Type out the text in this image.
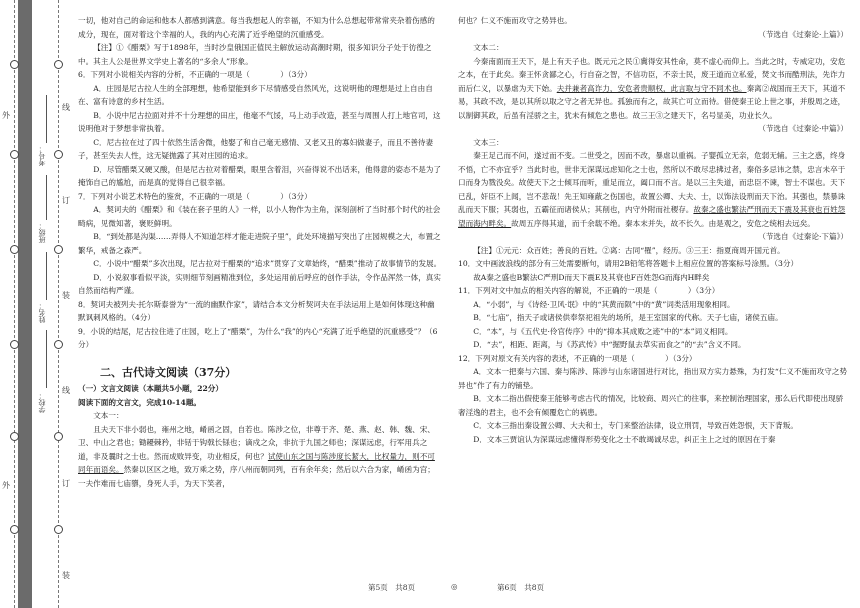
外
外
线
订
装
线
订
装
学校：
姓名：
班级：
考号：

一切，他对自己的命运和他本人都感到满意。每当我想起人的幸福，不知为什么总想起带常常夹杂着伤感的成分，现在，面对着这个幸福的人，我的内心充满了近乎绝望的沉重感受。

【注】①《醋栗》写于1898年，当时沙皇俄国正值民主解放运动高潮时期，很多知识分子处于彷徨之中。其主人公是世界文学史上著名的“多余人”形象。

6．下列对小说相关内容的分析，不正确的一项是（　　　　）（3分）

A．庄园是尼古拉人生的全部理想，他希望能到乡下尽情感受自然风光，这说明他的理想是过上自由自在、富有诗意的乡村生活。

B．小说中尼古拉面对并不十分理想的田庄，他毫不气馁，马上动手改造，甚至与周围人打上地官司，这说明他对于梦想非常执着。

C．尼古拉在过了四十依然生活舍微，他娶了和自己毫无感情、又老又丑的寡妇做妻子，而且不善待妻子，甚至失去人性，这无疑抛露了其对庄园的追求。

D．尽管醋栗又硬又酸，但是尼古拉对着醋栗，眼里含着泪，兴奋得说不出话来，他得意的姿态不是为了掩饰自己的尴尬，而是真的觉得自己很幸福。

7．下列对小说艺术特色的鉴赏，不正确的一项是（　　　　）（3分）

A．契诃夫的《醋栗》和《装在套子里的人》一样，以小人物作为主角，深刻剖析了当时那个时代的社会畸病，见微知著，褒贬鲜明。

B．“到处都是沟渠……弄得人不知道怎样才能走进院子里”，此处环境描写突出了庄园规模之大，布置之繁华，戒备之森严。

C．小说中“醋栗”多次出现，尼古拉对于醋栗的“追求”贯穿了文章始终，“醋栗”推动了故事情节的发展。

D．小说叙事看似平淡，实则细节刻画精准到位，多处运用前后呼应的创作手法，令作品浑然一体，真实自然而结构严谨。

8．契诃夫被列夫·托尔斯泰誉为“一流的幽默作家”，请结合本文分析契诃夫在手法运用上是如何体现这种幽默讽刺风格的。（4分）

9．小说的结尾，尼古拉住进了庄园，吃上了“醋栗”，为什么“我”的内心“充满了近乎绝望的沉重感受”？（6分）

二、古代诗文阅读（37分）

（一）文言文阅读（本题共5小题，22分）

阅读下面的文言文，完成10-14题。

文本一：

且夫天下非小弱也，雍州之地，崤函之固，自若也。陈涉之位，非尊于齐、楚、燕、赵、韩、魏、宋、卫、中山之君也；锄耰棘矜，非铦于钩戟长铩也；谪戍之众，非抗于九国之师也；深谋远虑，行军用兵之道，非及曩时之士也。然而成败异变，功业相反，何也？试使山东之国与陈涉度长絜大，比权量力，则不可同年而语矣。然秦以区区之地，致万乘之势，序八州而朝同列，百有余年矣；然后以六合为家，崤函为宫；一夫作难而七庙隳，身死人手，为天下笑者，

何也？仁义不施而攻守之势异也。

（节选自《过秦论·上篇》）

文本二：

今秦南面而王天下，是上有天子也。既元元之民①冀得安其性命，莫不虚心而仰上。当此之时，专威定功，安危之本，在于此矣。秦王怀贪鄙之心，行自奋之智，不信功臣，不亲士民，废王道而立私爱，焚文书而酷刑法，先诈力而后仁义，以暴虐为天下始。夫并兼者高诈力，安危者贵顺权，此言取与守不同术也。秦离②战国而王天下，其道不易，其政不改，是以其所以取之守之者无异也。孤独而有之，故其亡可立而待。借使秦王论上世之事，并殷周之迹，以制御其政，后虽有淫骄之主，犹未有倾危之患也。故三王③之建天下，名号显美，功业长久。

（节选自《过秦论·中篇》）

文本三：

秦王足己而不问，遂过而不变。二世受之，因而不改，暴虐以重祸。子婴孤立无亲，危弱无辅。三主之惑，终身不悟，亡不亦宜乎？当此时也，世非无深谋远虑知化之士也，然所以不敢尽忠拂过者，秦俗多忌讳之禁，忠言未卒于口而身为戮没矣。故使天下之士倾耳而听，重足而立，阖口而不言。是以三主失道，而忠臣不谏，智士不谋也。天下已乱，奸臣不上闻，岂不悲哉！先王知雍蔽之伤国也，故置公卿、大夫、士，以饰法设刑而天下治。其强也，禁暴诛乱而天下服；其弱也，五霸征而诸侯从；其削也，内守外附而社稷存。故秦之盛也繁法严刑而天下震及其衰也百姓怨望而海内畔矣。故周五序得其道，而千余载不绝。秦本末并失，故不长久。由是观之，安危之统相去远矣。

（节选自《过秦论·下篇》）

【注】①元元：众百姓；善良的百姓。②离：古同“罹”，经历。③三王：指夏商周开国元首。

10．文中画波浪线的部分有三处需要断句，请用2B铅笔将答题卡上相应位置的答案标号涂黑。（3分）

故A秦之盛也B繁法C严刑D而天下震E及其衰也F百姓怨G而海内H畔矣

11．下列对文中加点的相关内容的解说，不正确的一项是（　　　　）（3分）

A．“小弱”，与《诗经·卫风·氓》中的“其黄而陨”中的“黄”词类活用现象相同。

B．“七庙”，指天子或诸侯供奉祭祀祖先的场所，是王室国家的代称。天子七庙，诸侯五庙。

C．“本”，与《五代史·伶官传序》中的“抑本其成败之迹”中的“本”词义相同。

D．“去”，相距、距离，与《苏武传》中“掘野鼠去草实而食之”的“去”含义不同。

12．下列对原文有关内容的表述，不正确的一项是（　　　　）（3分）

A．文本一把秦与六国、秦与陈涉、陈涉与山东诸国进行对比，指出双方实力悬殊，为打发“仁义不施而攻守之势异也”作了有力的铺垫。

B．文本二指出假使秦王能够考虑古代的情况，比较商、周兴亡的往事，来控制治理国家，那么后代即使出现骄奢淫逸的君主，也不会有倾覆危亡的祸患。

C．文本三指出秦设置公卿、大夫和士，专门来整治法律，设立刑罚，导致百姓怨恨，天下背叛。

D．文本三贾谊认为深谋远虑懂得形势变化之士不敢竭诚尽忠，纠正主上之过的原因在于秦

第5页　共8页	◎	第6页　共8页
